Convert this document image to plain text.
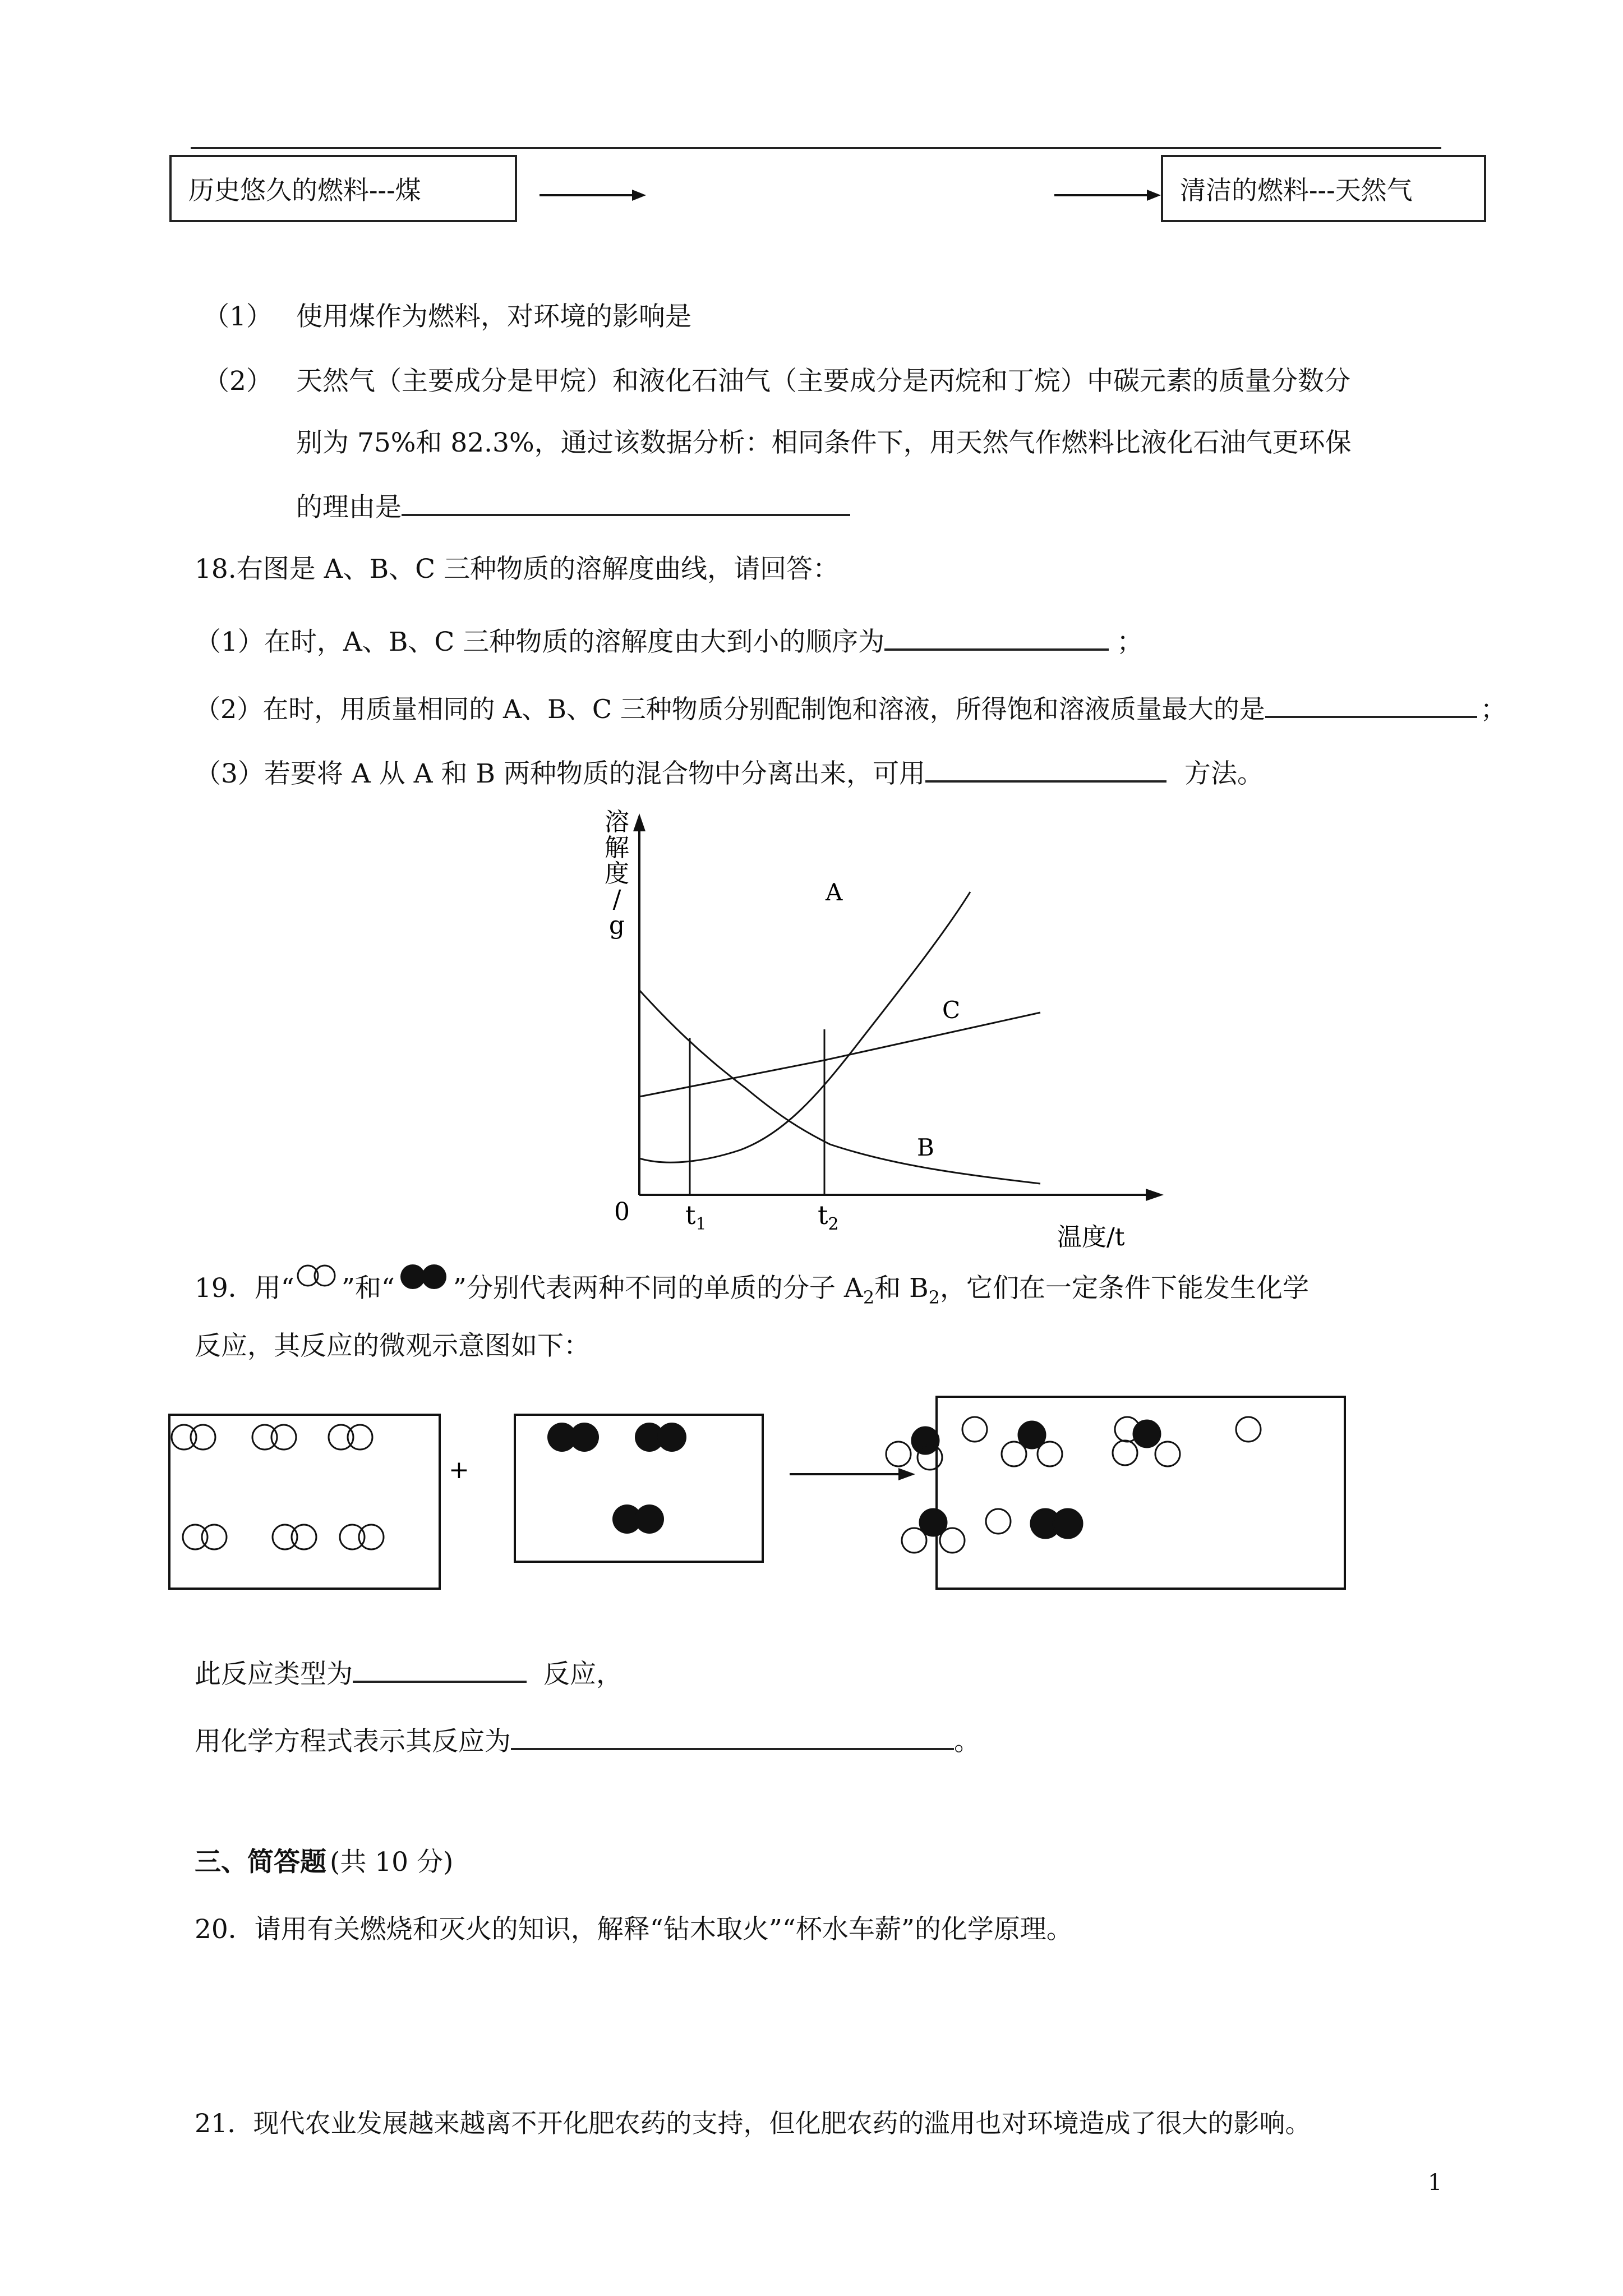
历史悠久的燃料---煤	清洁的燃料---天然气
（1） 使用煤作为燃料，对环境的影响是
（2） 天然气（主要成分是甲烷）和液化石油气（主要成分是丙烷和丁烷）中碳元素的质量分数分
别为 75%和 82.3%，通过该数据分析：相同条件下，用天然气作燃料比液化石油气更环保
的理由是
18.右图是 A、B、C 三种物质的溶解度曲线，请回答：
（1）在时，A、B、C 三种物质的溶解度由大到小的顺序为	；
（2）在时，用质量相同的 A、B、C 三种物质分别配制饱和溶液，所得饱和溶液质量最大的是	；
（3）若要将 A 从 A 和 B 两种物质的混合物中分离出来，可用	方法。
溶解度/ g
0 $t_1$	$t_2$	温度/t
A
C
B
19．用“ ”和“ ”分别代表两种不同的单质的分子 $A_2$和 $B_2$，它们在一定条件下能发生化学
反应，其反应的微观示意图如下：
+
此反应类型为	反应，
用化学方程式表示其反应为	。
三、简答题 (共 10 分)
20．请用有关燃烧和灭火的知识，解释“钻木取火”“杯水车薪”的化学原理。
21．现代农业发展越来越离不开化肥农药的支持，但化肥农药的滥用也对环境造成了很大的影响。
1
